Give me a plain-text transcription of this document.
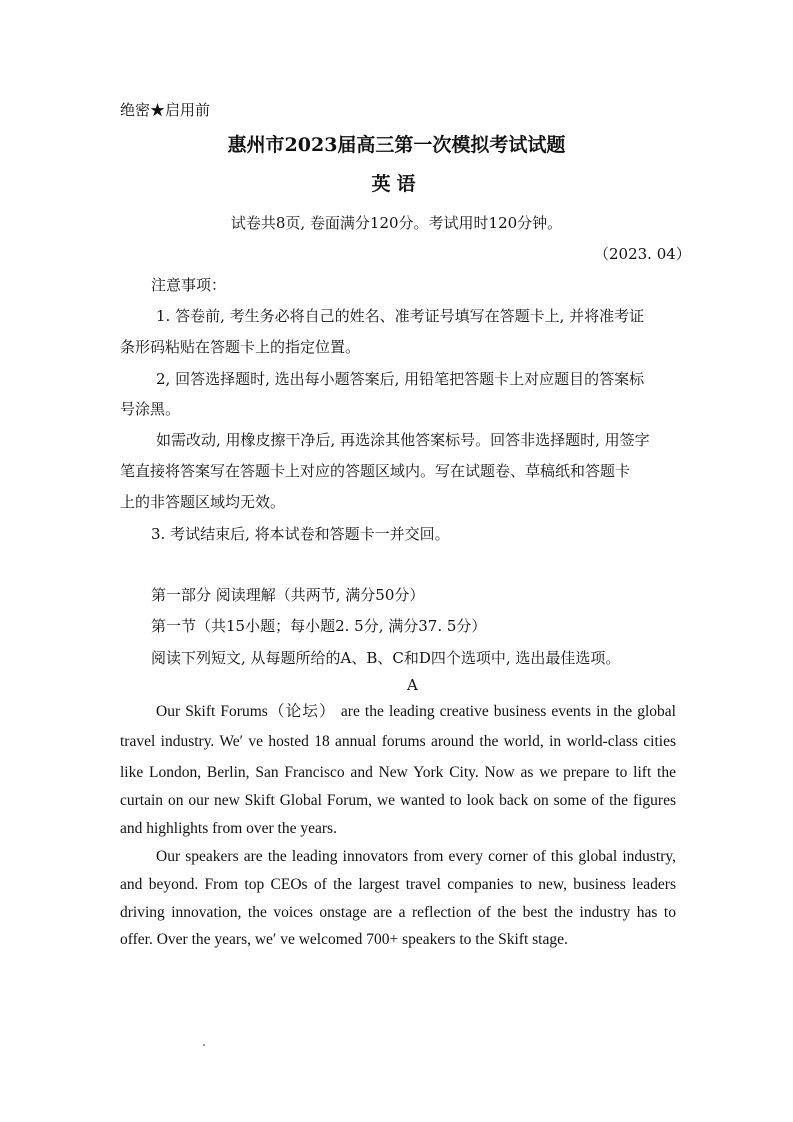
绝密★启用前
惠州市2023届高三第一次模拟考试试题
英语
试卷共8页, 卷面满分120分。考试用时120分钟。
（2023. 04）
注意事项：
1. 答卷前, 考生务必将自己的姓名、准考证号填写在答题卡上, 并将准考证
条形码粘贴在答题卡上的指定位置。
2, 回答选择题时, 选出每小题答案后, 用铅笔把答题卡上对应题目的答案标
号涂黑。
如需改动, 用橡皮擦干净后, 再选涂其他答案标号。回答非选择题时, 用签字
笔直接将答案写在答题卡上对应的答题区域内。写在试题卷、草稿纸和答题卡
上的非答题区域均无效。
3. 考试结束后, 将本试卷和答题卡一并交回。
第一部分 阅读理解（共两节, 满分50分）
第一节（共15小题；每小题2. 5分, 满分37. 5分）
阅读下列短文, 从每题所给的A、B、C和D四个选项中, 选出最佳选项。
A
Our Skift Forums（论坛） are the leading creative business events in the global
travel industry. We′ ve hosted 18 annual forums around the world, in world-class cities
like London, Berlin, San Francisco and New York City. Now as we prepare to lift the
curtain on our new Skift Global Forum, we wanted to look back on some of the figures
and highlights from over the years.
Our speakers are the leading innovators from every corner of this global industry,
and beyond. From top CEOs of the largest travel companies to new, business leaders
driving innovation, the voices onstage are a reflection of the best the industry has to
offer. Over the years, we′ ve welcomed 700+ speakers to the Skift stage.
